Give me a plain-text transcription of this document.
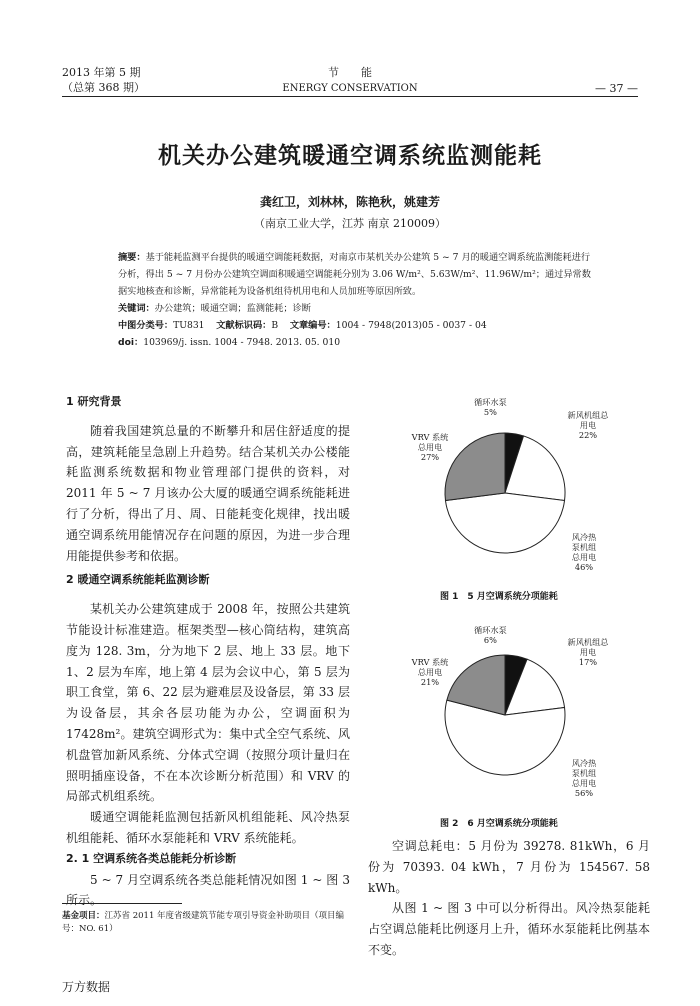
2013 年第 5 期
（总第 368 期）
节　　能
ENERGY CONSERVATION	— 37 —
机关办公建筑暖通空调系统监测能耗
龚红卫，刘林林，陈艳秋，姚建芳
（南京工业大学，江苏 南京 210009）
摘要：基于能耗监测平台提供的暖通空调能耗数据，对南京市某机关办公建筑 5 ~ 7 月的暖通空调系统监测能耗进行分析，得出 5 ~ 7 月份办公建筑空调面积暖通空调能耗分别为 3.06 W/m²、5.63W/m²、11.96W/m²；通过异常数据实地核查和诊断，异常能耗为设备机组待机用电和人员加班等原因所致。
关键词：办公建筑；暖通空调；监测能耗；诊断
中图分类号：TU831 文献标识码：B 文章编号：1004 - 7948(2013)05 - 0037 - 04
doi：103969/j. issn. 1004 - 7948. 2013. 05. 010
1 研究背景

随着我国建筑总量的不断攀升和居住舒适度的提高，建筑耗能呈急剧上升趋势。结合某机关办公楼能耗监测系统数据和物业管理部门提供的资料，对 2011 年 5 ~ 7 月该办公大厦的暖通空调系统能耗进行了分析，得出了月、周、日能耗变化规律，找出暖通空调系统用能情况存在问题的原因，为进一步合理用能提供参考和依据。

2 暖通空调系统能耗监测诊断

某机关办公建筑建成于 2008 年，按照公共建筑节能设计标准建造。框架类型—核心筒结构，建筑高度为 128. 3m，分为地下 2 层、地上 33 层。地下 1、2 层为车库，地上第 4 层为会议中心，第 5 层为职工食堂，第 6、22 层为避难层及设备层，第 33 层为设备层，其余各层功能为办公，空调面积为 17428m²。建筑空调形式为：集中式全空气系统、风机盘管加新风系统、分体式空调（按照分项计量归在照明插座设备，不在本次诊断分析范围）和 VRV 的局部式机组系统。

暖通空调能耗监测包括新风机组能耗、风冷热泵机组能耗、循环水泵能耗和 VRV 系统能耗。

2. 1 空调系统各类总能耗分析诊断

5 ~ 7 月空调系统各类总能耗情况如图 1 ~ 图 3 所示。

基金项目：江苏省 2011 年度省级建筑节能专项引导资金补助项目（项目编号：NO. 61）
循环水泵
5%	新风机组总用电
22%
VRV 系统总用电
27%
风冷热泵机组总用电
46%
图 1　5 月空调系统分项能耗
循环水泵
6%	新风机组总用电
17%
VRV 系统总用电
21%
风冷热泵机组总用电
56%
图 2　6 月空调系统分项能耗

空调总耗电：5 月份为 39278. 81kWh，6 月份为 70393. 04 kWh，7 月份为 154567. 58 kWh。

从图 1 ~ 图 3 中可以分析得出。风冷热泵能耗占空调总能耗比例逐月上升，循环水泵能耗比例基本不变。

万方数据
